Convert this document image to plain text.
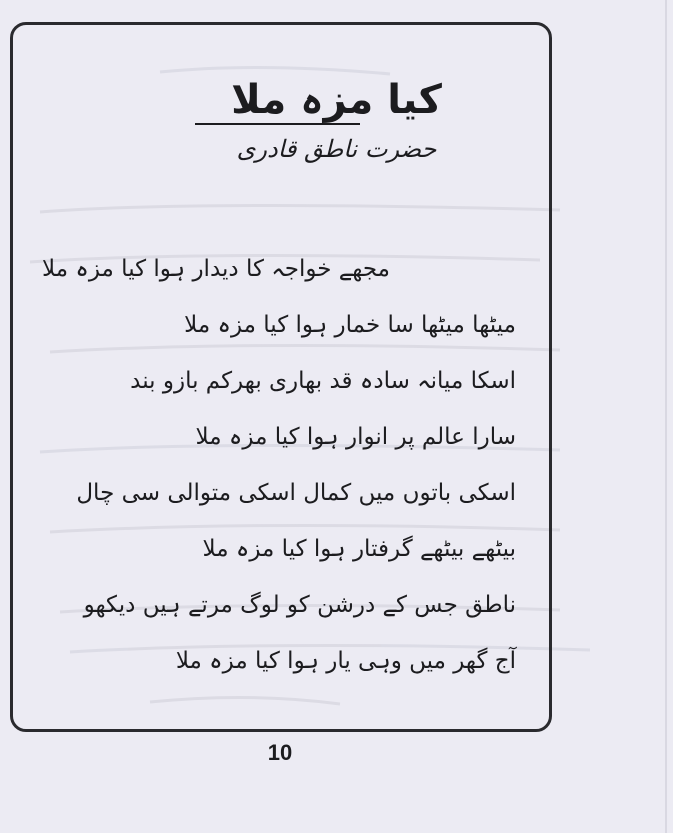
کیا مزہ ملا
حضرت ناطق قادری
مجھے خواجہ کا دیدار ہوا کیا مزہ ملا
میٹھا میٹھا سا خمار ہوا کیا مزہ ملا
اسکا میانہ سادہ قد بھاری بھرکم بازو بند
سارا عالم پر انوار ہوا کیا مزہ ملا
اسکی باتوں میں کمال اسکی متوالی سی چال
بیٹھے بیٹھے گرفتار ہوا کیا مزہ ملا
ناطق جس کے درشن کو لوگ مرتے ہیں دیکھو
آج گھر میں وہی یار ہوا کیا مزہ ملا
10
